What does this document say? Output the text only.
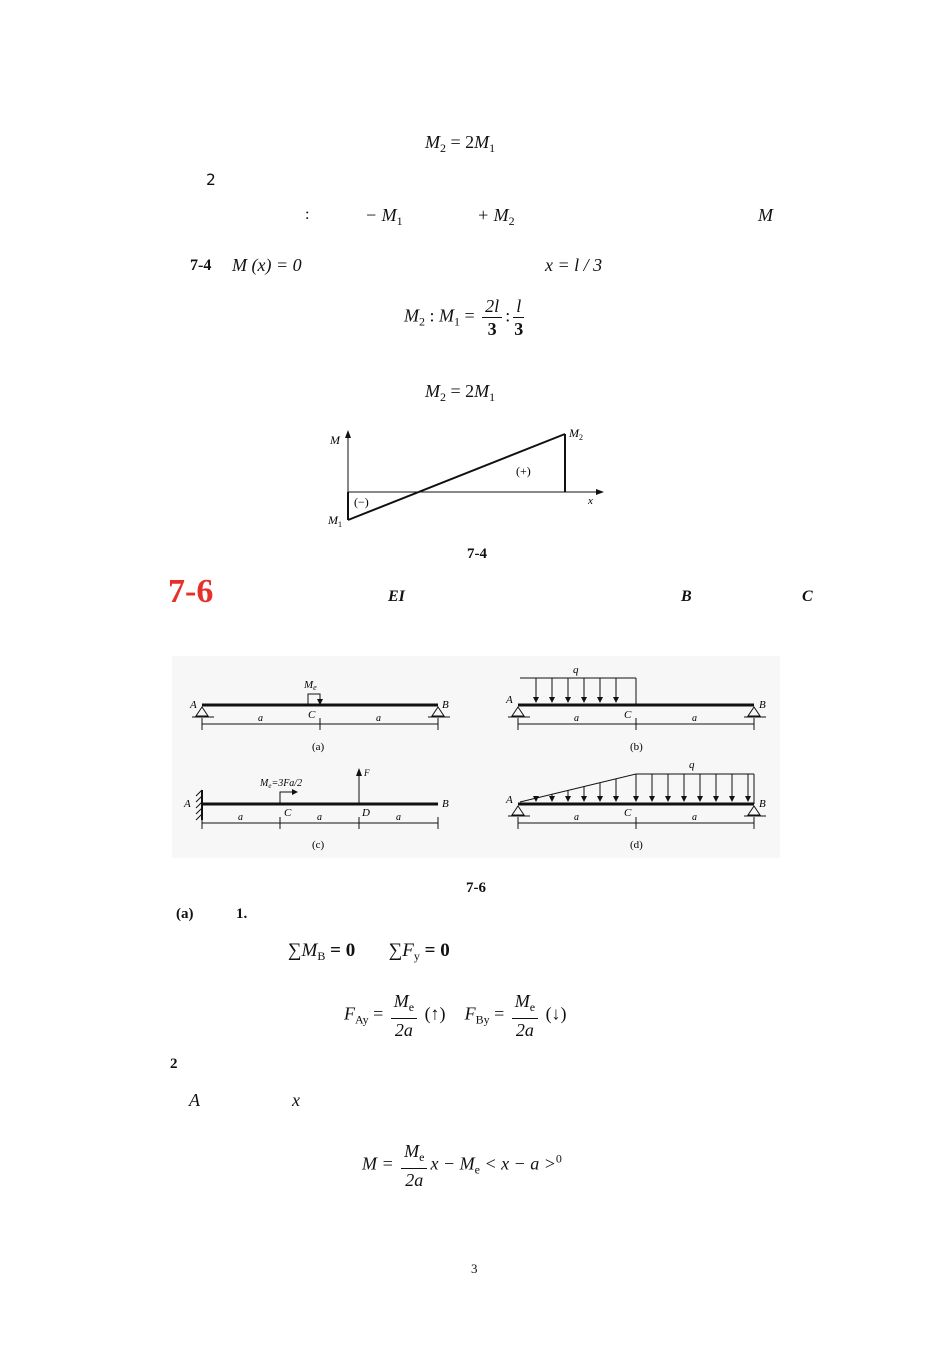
$M_2 = 2M_1$
2
:	− $M_1$	+ $M_2$	M
7-4 M (x) = 0	x = l / 3
$M_2$ : $M_1 = \frac{2l}{3}$ : $\frac{l}{3}$
$M_2 = 2M_1$
M	$M_2$
x
$M_1$
(+)
(−)
7-4
7-6	EI	B	C
A	B
C
Me
a	a
(a)
A	B
C
q
a	a
(b)
A	B
C	D
F
$M_e=3Fa/2$
a	a	a
(c)
A	B
C
q
a	a
(d)
7-6
(a)	1.
$\sum M_B = 0$ $\sum F_y = 0$
$F_{Ay} = \frac{M_e}{2a}$ (↑) $F_{By} = \frac{M_e}{2a}$ (↓)
2
A	x
$M = \frac{M_e}{2a}$ $x - M_e < x - a >^0$
3
